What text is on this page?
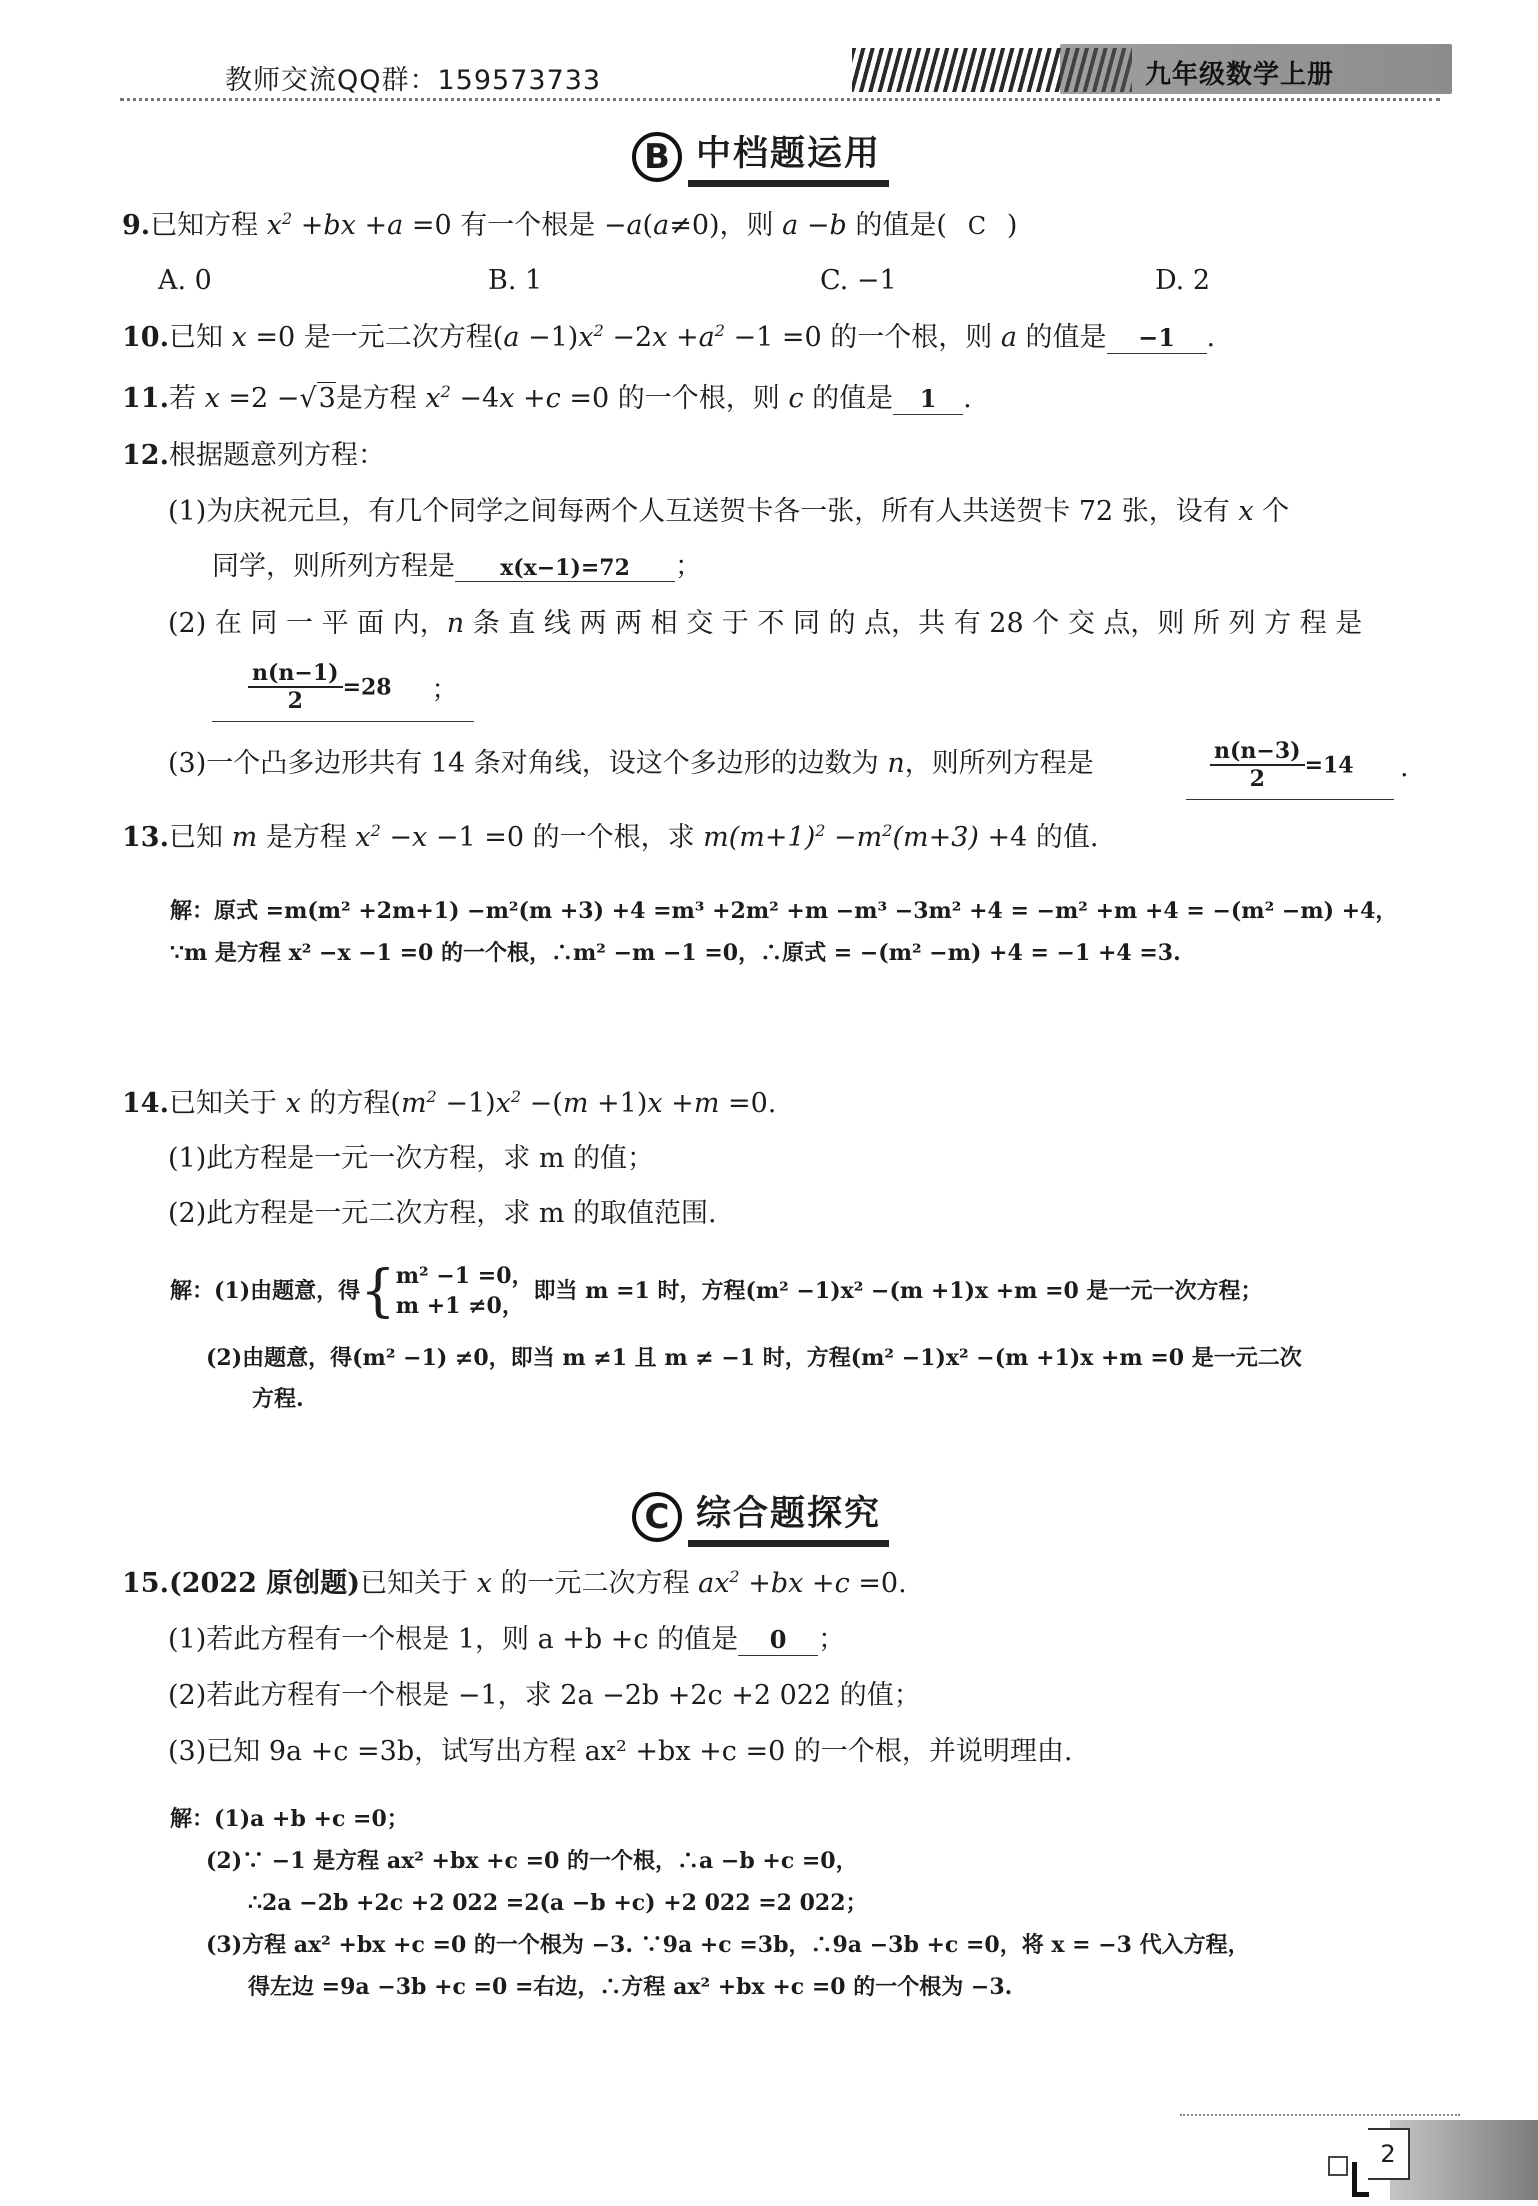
教师交流QQ群：159573733	九年级数学上册
B 中档题运用
9.已知方程 $x^2 +bx +a =0$ 有一个根是 −a(a≠0)，则 a −b 的值是( C )
A. 0	B. 1	C. −1	D. 2
10.已知 x =0 是一元二次方程$(a -1)x^2 -2x +a^2 -1 =0$ 的一个根，则 a 的值是 −1 .
11.若 x =2 −√3是方程 $x^2 -4x +c =0$ 的一个根，则 c 的值是 1 .
12.根据题意列方程：
(1)为庆祝元旦，有几个同学之间每两个人互送贺卡各一张，所有人共送贺卡 72 张，设有 x 个
同学，则所列方程是 x(x−1)=72 ；
(2) 在 同 一 平 面 内，n 条 直 线 两 两 相 交 于 不 同 的 点，共 有 28 个 交 点，则 所 列 方 程 是
$\frac{n(n-1)}{2} =28$ ；
(3)一个凸多边形共有 14 条对角线，设这个多边形的边数为 n，则所列方程是	$\frac{n(n-3)}{2} =14$	.
13.已知 m 是方程 $x^2 -x -1 =0$ 的一个根，求 $m(m+1)^2 -m^2(m+3) +4$ 的值.
解：原式 =m(m² +2m+1) −m²(m +3) +4 =m³ +2m² +m −m³ −3m² +4 = −m² +m +4 = −(m² −m) +4，
∵m 是方程 x² −x −1 =0 的一个根，∴m² −m −1 =0，∴原式 = −(m² −m) +4 = −1 +4 =3.
14.已知关于 x 的方程$(m^2 -1)x^2 -(m +1)x +m =0$.
(1)此方程是一元一次方程，求 m 的值；
(2)此方程是一元二次方程，求 m 的取值范围.
解：(1)由题意，得 { m² −1 =0，
m +1 ≠0，
即当 m =1 时，方程(m² −1)x² −(m +1)x +m =0 是一元一次方程；
(2)由题意，得(m² −1) ≠0，即当 m ≠1 且 m ≠ −1 时，方程(m² −1)x² −(m +1)x +m =0 是一元二次
方程.
C 综合题探究
15.(2022 原创题)已知关于 x 的一元二次方程 $ax^2 +bx +c =0$.
(1)若此方程有一个根是 1，则 a +b +c 的值是 0 ；
(2)若此方程有一个根是 −1，求 2a −2b +2c +2 022 的值；
(3)已知 9a +c =3b，试写出方程 ax² +bx +c =0 的一个根，并说明理由.
解：(1)a +b +c =0；
(2)∵ −1 是方程 ax² +bx +c =0 的一个根，∴a −b +c =0，
∴2a −2b +2c +2 022 =2(a −b +c) +2 022 =2 022；
(3)方程 ax² +bx +c =0 的一个根为 −3. ∵9a +c =3b，∴9a −3b +c =0，将 x = −3 代入方程，
得左边 =9a −3b +c =0 =右边，∴方程 ax² +bx +c =0 的一个根为 −3.
2
